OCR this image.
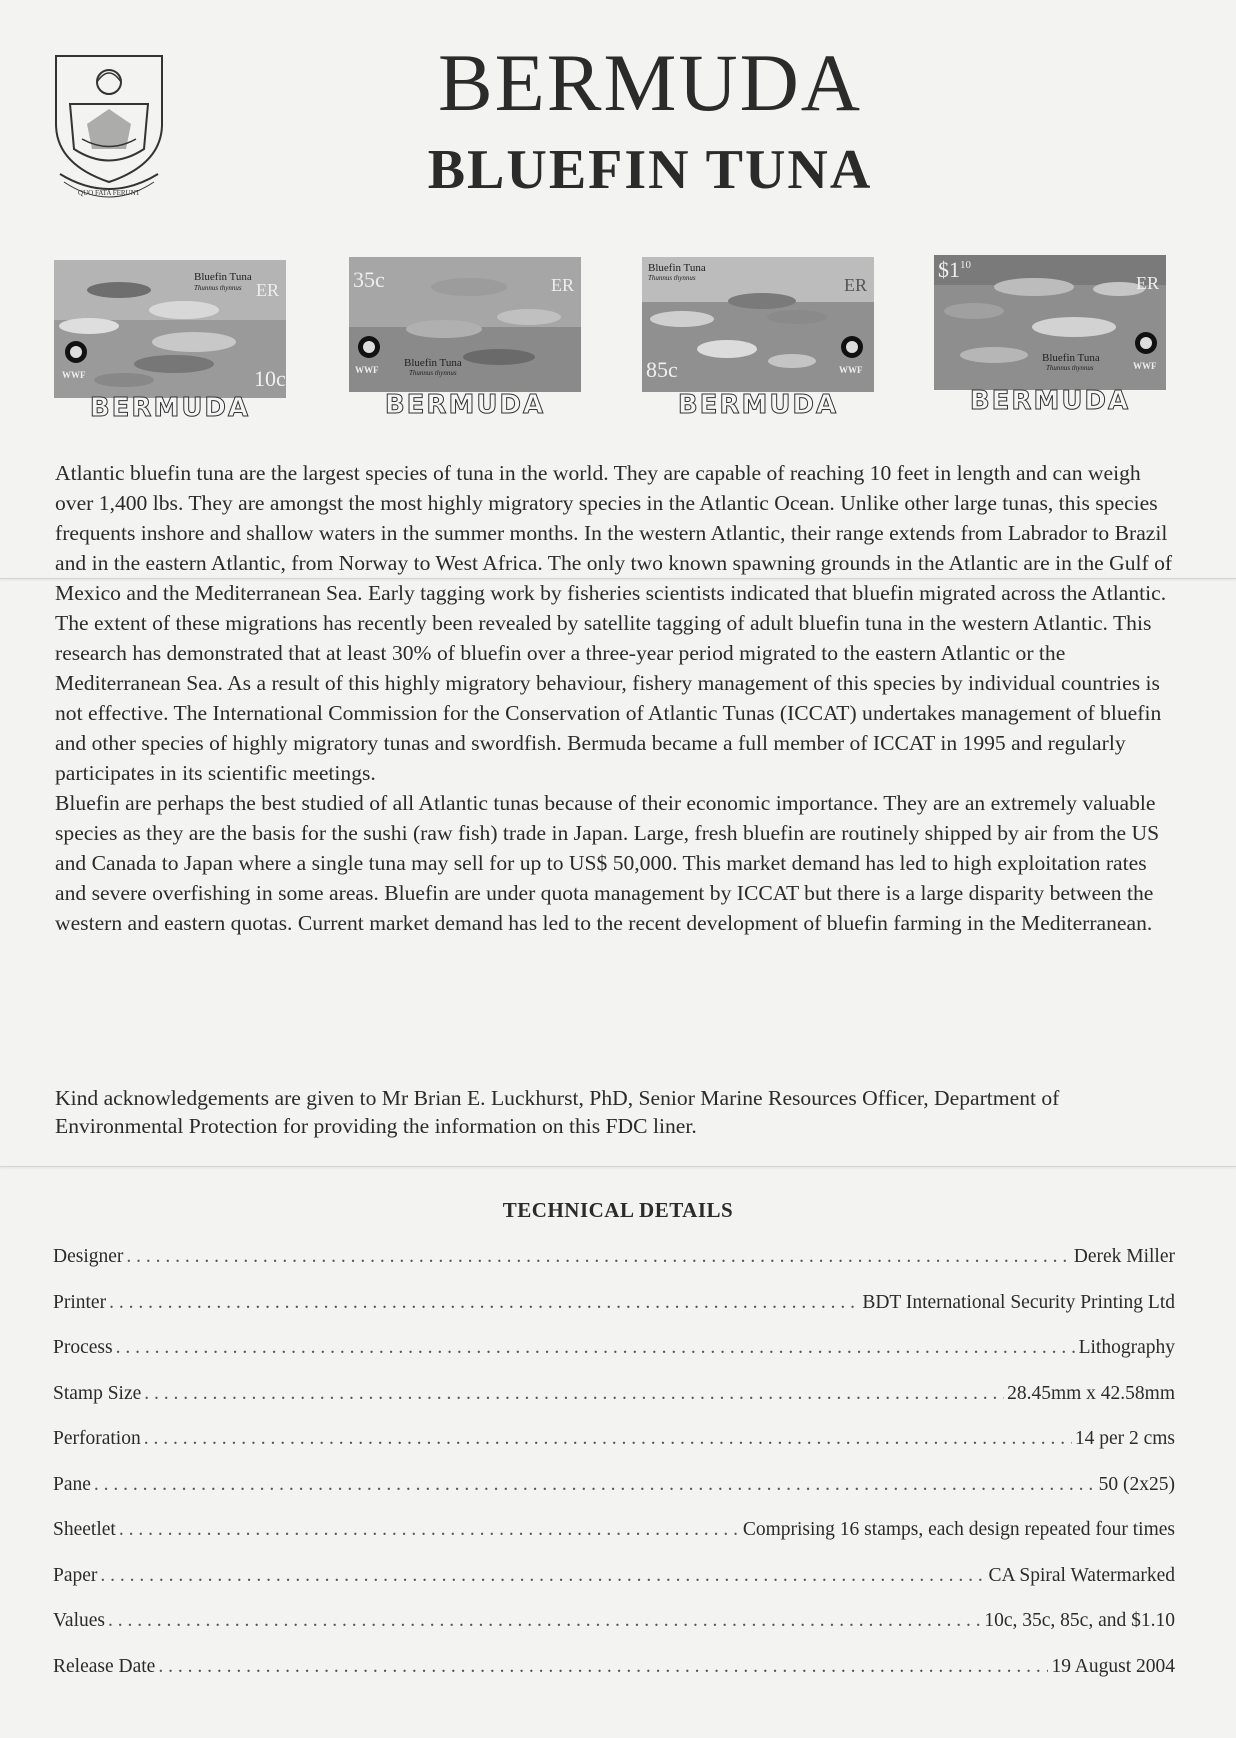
QUO FATA FERUNT
BERMUDA
BLUEFIN TUNA
Bluefin Tuna
Thunnus thynnus ER
WWF	10c
BERMUDA
35c	ER
WWF
Bluefin Tuna
Thunnus thynnus
BERMUDA
Bluefin Tuna
Thunnus thynnus	ER
WWF
85c
BERMUDA
$\$1^{10}$
ER
Bluefin Tuna
Thunnus thynnus	WWF
BERMUDA

Atlantic bluefin tuna are the largest species of tuna in the world. They are capable of reaching 10 feet in length and can weigh over 1,400 lbs. They are amongst the most highly migratory species in the Atlantic Ocean. Unlike other large tunas, this species frequents inshore and shallow waters in the summer months. In the western Atlantic, their range extends from Labrador to Brazil and in the eastern Atlantic, from Norway to West Africa. The only two known spawning grounds in the Atlantic are in the Gulf of Mexico and the Mediterranean Sea. Early tagging work by fisheries scientists indicated that bluefin migrated across the Atlantic. The extent of these migrations has recently been revealed by satellite tagging of adult bluefin tuna in the western Atlantic. This research has demonstrated that at least 30% of bluefin over a three-year period migrated to the eastern Atlantic or the Mediterranean Sea. As a result of this highly migratory behaviour, fishery management of this species by individual countries is not effective. The International Commission for the Conservation of Atlantic Tunas (ICCAT) undertakes management of bluefin and other species of highly migratory tunas and swordfish. Bermuda became a full member of ICCAT in 1995 and regularly participates in its scientific meetings.

Bluefin are perhaps the best studied of all Atlantic tunas because of their economic importance. They are an extremely valuable species as they are the basis for the sushi (raw fish) trade in Japan. Large, fresh bluefin are routinely shipped by air from the US and Canada to Japan where a single tuna may sell for up to US$ 50,000. This market demand has led to high exploitation rates and severe overfishing in some areas. Bluefin are under quota management by ICCAT but there is a large disparity between the western and eastern quotas. Current market demand has led to the recent development of bluefin farming in the Mediterranean.

Kind acknowledgements are given to Mr Brian E. Luckhurst, PhD, Senior Marine Resources Officer, Department of Environmental Protection for providing the information on this FDC liner.

TECHNICAL DETAILS
Designer . . .	Derek Miller
Printer . . .	BDT International Security Printing Ltd
Process . . .	Lithography
Stamp Size . . .	28.45mm x 42.58mm
Perforation . . .	14 per 2 cms
Pane . . .	50 (2x25)
Sheetlet . . .	Comprising 16 stamps, each design repeated four times
Paper . . .	CA Spiral Watermarked
Values . . .	10c, 35c, 85c, and $1.10
Release Date . . .	19 August 2004
